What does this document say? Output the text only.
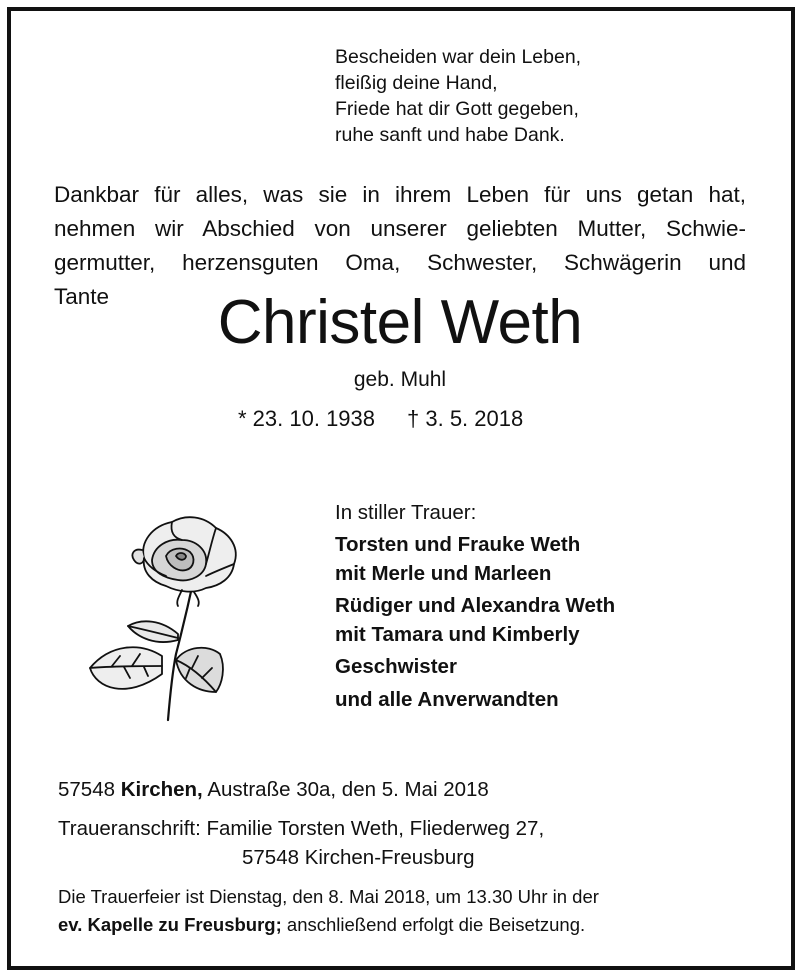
Bescheiden war dein Leben,
fleißig deine Hand,
Friede hat dir Gott gegeben,
ruhe sanft und habe Dank.
Dankbar für alles, was sie in ihrem Leben für uns getan hat,
nehmen wir Abschied von unserer geliebten Mutter, Schwie-
germutter, herzensguten Oma, Schwester, Schwägerin und
Tante	Christel Weth
geb. Muhl
* 23. 10. 1938 † 3. 5. 2018
In stiller Trauer:
Torsten und Frauke Weth
mit Merle und Marleen
Rüdiger und Alexandra Weth
mit Tamara und Kimberly
Geschwister
und alle Anverwandten
57548 Kirchen, Austraße 30a, den 5. Mai 2018
Traueranschrift: Familie Torsten Weth, Fliederweg 27,
57548 Kirchen-Freusburg
Die Trauerfeier ist Dienstag, den 8. Mai 2018, um 13.30 Uhr in der
ev. Kapelle zu Freusburg; anschließend erfolgt die Beisetzung.
